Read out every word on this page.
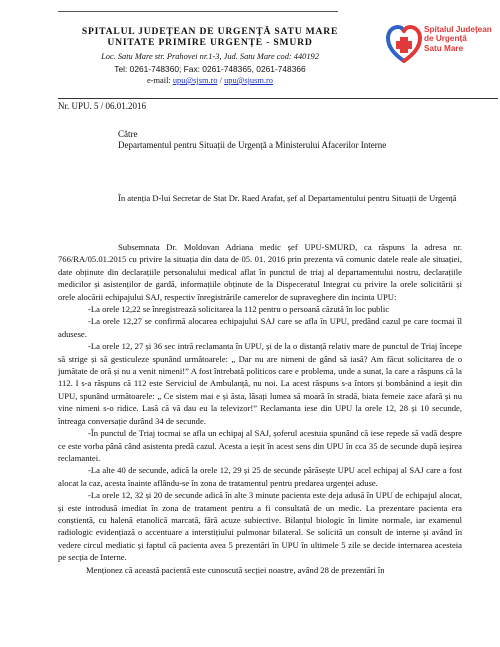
SPITALUL JUDEȚEAN DE URGENȚĂ SATU MARE
UNITATE PRIMIRE URGENȚE - SMURD
Loc. Satu Mare str. Prahovei nr.1-3, Jud. Satu Mare cod: 440192
Tel: 0261-748360; Fax: 0261-748365, 0261-748366
e-mail: upu@sjsm.ro / upu@sjusm.ro
Spitalul Județean
de Urgență
Satu Mare
Nr. UPU. 5 / 06.01.2016
Către
Departamentul pentru Situații de Urgență a Ministerului Afacerilor Interne

În atenția D-lui Secretar de Stat Dr. Raed Arafat, șef al Departamentului pentru Situații de Urgență

Subsemnata Dr. Moldovan Adriana medic șef UPU-SMURD, ca răspuns la adresa nr. 766/RA/05.01.2015 cu privire la situația din data de 05. 01. 2016 prin prezenta vă comunic datele reale ale situației, date obținute din declarațiile personalului medical aflat în punctul de triaj al departamentului nostru, declarațiile medicilor și asistenților de gardă, informațiile obținute de la Dispeceratul Integrat cu privire la orele solicitării și orele alocării echipajului SAJ, respectiv înregistrările camerelor de supraveghere din incinta UPU:

-La orele 12,22 se înregistrează solicitarea la 112 pentru o persoană căzută în loc public

-La orele 12,27 se confirmă alocarea echipajului SAJ care se afla în UPU, predând cazul pe care tocmai îl adusese.

-La orele 12, 27 și 36 sec intră reclamanta în UPU, și de la o distanță relativ mare de punctul de Triaj începe să strige și să gesticuleze spunând următoarele: „ Dar nu are nimeni de gând să iasă? Am făcut solicitarea de o jumătate de oră și nu a venit nimeni!” A fost întrebată politicos care e problema, unde a sunat, la care a răspuns că la 112. I s-a răspuns că 112 este Serviciul de Ambulanță, nu noi. La acest răspuns s-a întors și bombănind a ieșit din UPU, spunând următoarele: „ Ce sistem mai e și ăsta, lăsați lumea să moară în stradă, biata femeie zace afară și nu vine nimeni s-o ridice. Lasă că vă dau eu la televizor!” Reclamanta iese din UPU la orele 12, 28 și 10 secunde, întreaga conversație durând 34 de secunde.

-În punctul de Triaj tocmai se afla un echipaj al SAJ, șoferul acestuia spunând că iese repede să vadă despre ce este vorba până când asistenta predă cazul. Acesta a ieșit în acest sens din UPU în cca 35 de secunde după ieșirea reclamantei.

-La alte 40 de secunde, adică la orele 12, 29 și 25 de secunde părăsește UPU acel echipaj al SAJ care a fost alocat la caz, acesta înainte aflându-se în zona de tratamentul pentru predarea urgenței aduse.

-La orele 12, 32 și 20 de secunde adică în alte 3 minute pacienta este deja adusă în UPU de echipajul alocat, și este introdusă imediat în zona de tratament pentru a fi consultată de un medic. La prezentare pacienta era conștientă, cu halenă etanolică marcată, fără acuze subiective. Bilanțul biologic în limite normale, iar examenul radiologic evidențiază o accentuare a interstițiului pulmonar bilateral. Se solicită un consult de interne și având în vedere circul mediatic și faptul că pacienta avea 5 prezentări în UPU în ultimele 5 zile se decide internarea acesteia pe secția de Interne.

Menționez că această pacientă este cunoscută secției noastre, având 28 de prezentări în
